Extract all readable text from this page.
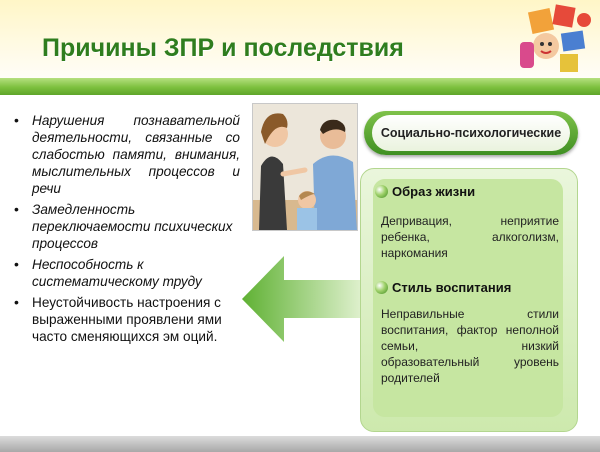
Причины ЗПР и последствия
• Нарушения познавательной деятельности, связанные со слабостью памяти, внимания, мыслительных процессов и речи
• Замедленность переключаемости психических процессов
• Неспособность к систематическому труду
• Неустойчивость настроения с выраженными проявлени ями часто сменяющихся эм оций.
Социально-психологические
Образ жизни
Депривация, неприятие ребенка, алкоголизм, наркомания
Стиль воспитания
Неправильные стили воспитания, фактор неполной семьи, низкий образовательный уровень родителей
